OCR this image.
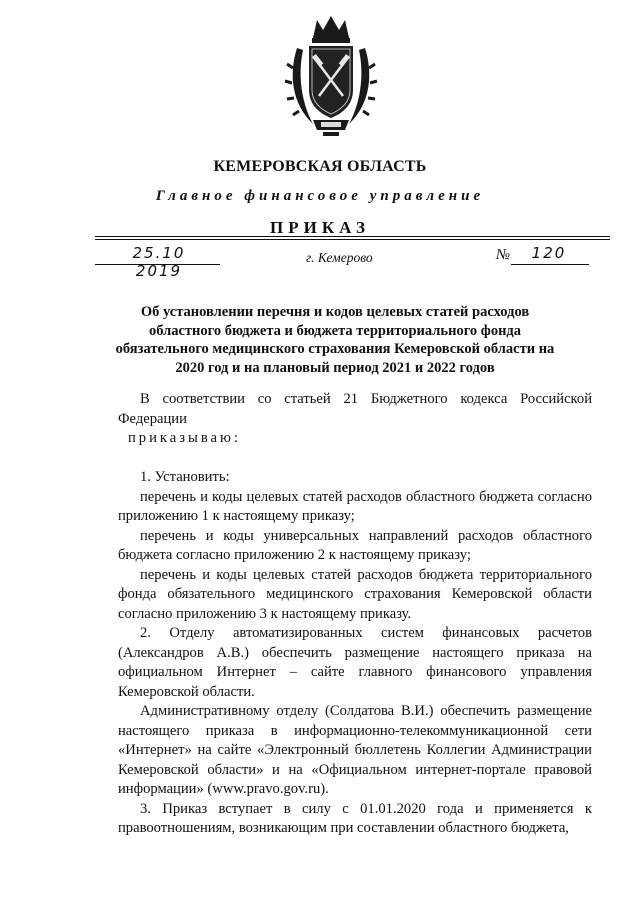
КЕМЕРОВСКАЯ ОБЛАСТЬ
Главное финансовое управление
ПРИКАЗ
25.10 2019
г. Кемерово	№ 120
Об установлении перечня и кодов целевых статей расходов областного бюджета и бюджета территориального фонда обязательного медицинского страхования Кемеровской области на 2020 год и на плановый период 2021 и 2022 годов

В соответствии со статьей 21 Бюджетного кодекса Российской Федерации

приказываю:

1. Установить:

перечень и коды целевых статей расходов областного бюджета согласно приложению 1 к настоящему приказу;

перечень и коды универсальных направлений расходов областного бюджета согласно приложению 2 к настоящему приказу;

перечень и коды целевых статей расходов бюджета территориального фонда обязательного медицинского страхования Кемеровской области согласно приложению 3 к настоящему приказу.

2. Отделу автоматизированных систем финансовых расчетов (Александров А.В.) обеспечить размещение настоящего приказа на официальном Интернет – сайте главного финансового управления Кемеровской области.

Административному отделу (Солдатова В.И.) обеспечить размещение настоящего приказа в информационно-телекоммуникационной сети «Интернет» на сайте «Электронный бюллетень Коллегии Администрации Кемеровской области» и на «Официальном интернет-портале правовой информации» (www.pravo.gov.ru).

3. Приказ вступает в силу с 01.01.2020 года и применяется к правоотношениям, возникающим при составлении областного бюджета,
